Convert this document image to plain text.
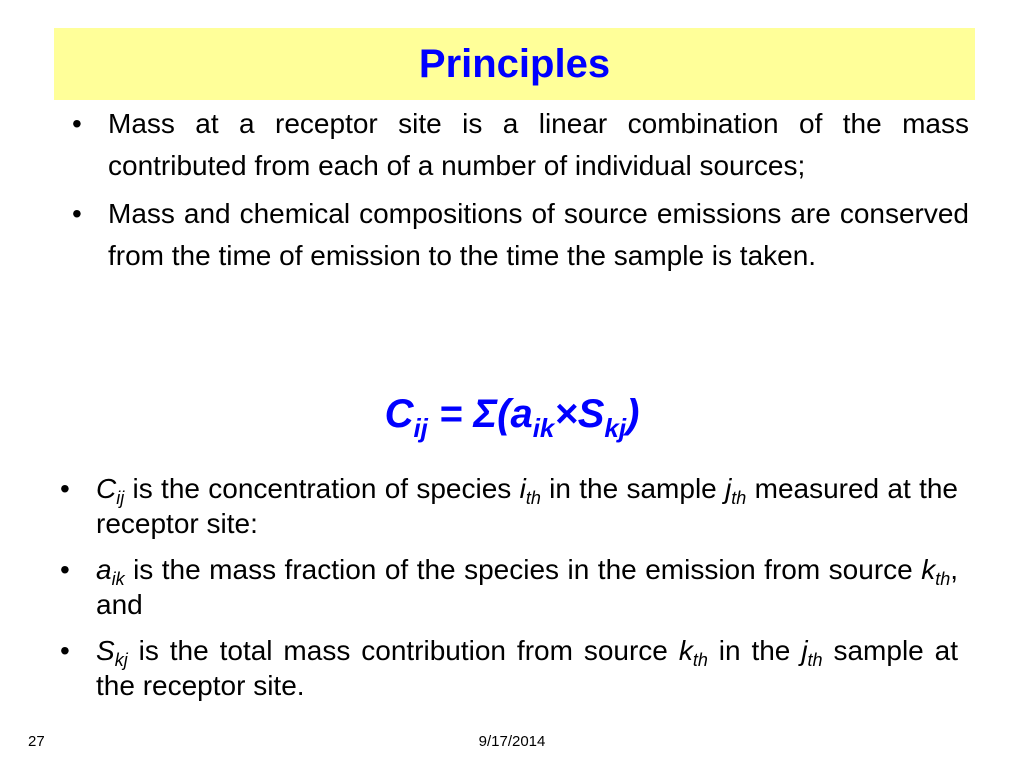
Principles
• Mass at a receptor site is a linear combination of the mass contributed from each of a number of individual sources;
• Mass and chemical compositions of source emissions are conserved from the time of emission to the time the sample is taken.
$C_{ij} = \Sigma(a_{ik}\times S_{kj})$
• $C_{ij}$ is the concentration of species $i_{th}$ in the sample $j_{th}$ measured at the receptor site:
• $a_{ik}$ is the mass fraction of the species in the emission from source $k_{th}$, and
• $S_{kj}$ is the total mass contribution from source $k_{th}$ in the $j_{th}$ sample at the receptor site.
27	9/17/2014
